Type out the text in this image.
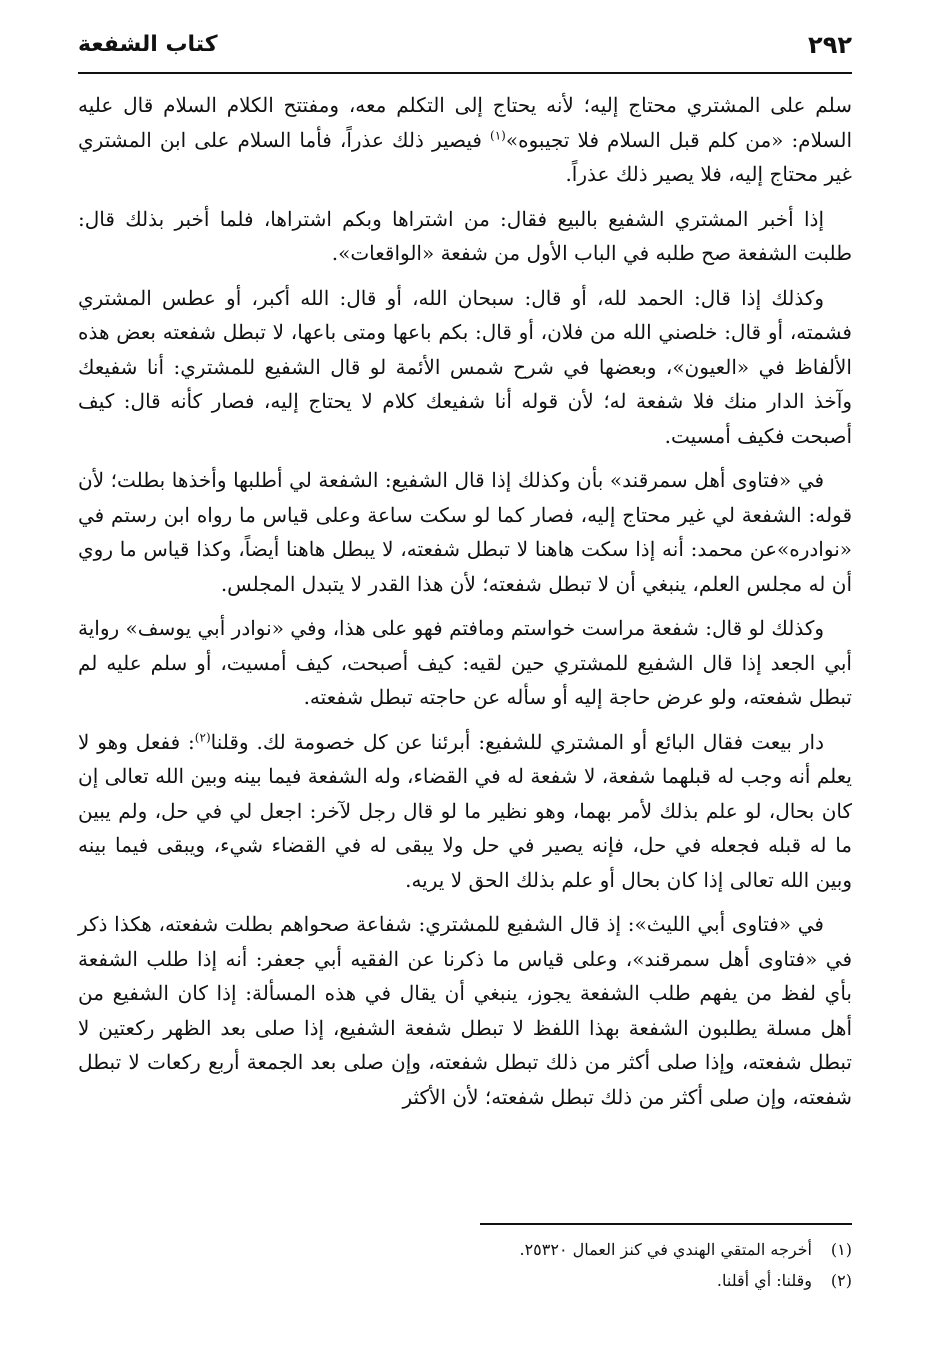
٢٩٢
كتاب الشفعة

سلم على المشتري محتاج إليه؛ لأنه يحتاج إلى التكلم معه، ومفتتح الكلام السلام قال عليه السلام: «من كلم قبل السلام فلا تجيبوه»$^{(١)}$ فيصير ذلك عذراً، فأما السلام على ابن المشتري غير محتاج إليه، فلا يصير ذلك عذراً.

إذا أخبر المشتري الشفيع بالبيع فقال: من اشتراها وبكم اشتراها، فلما أخبر بذلك قال: طلبت الشفعة صح طلبه في الباب الأول من شفعة «الواقعات».

وكذلك إذا قال: الحمد لله، أو قال: سبحان الله، أو قال: الله أكبر، أو عطس المشتري فشمته، أو قال: خلصني الله من فلان، أو قال: بكم باعها ومتى باعها، لا تبطل شفعته بعض هذه الألفاظ في «العيون»، وبعضها في شرح شمس الأئمة لو قال الشفيع للمشتري: أنا شفيعك وآخذ الدار منك فلا شفعة له؛ لأن قوله أنا شفيعك كلام لا يحتاج إليه، فصار كأنه قال: كيف أصبحت فكيف أمسيت.

في «فتاوى أهل سمرقند» بأن وكذلك إذا قال الشفيع: الشفعة لي أطلبها وأخذها بطلت؛ لأن قوله: الشفعة لي غير محتاج إليه، فصار كما لو سكت ساعة وعلى قياس ما رواه ابن رستم في «نوادره»عن محمد: أنه إذا سكت هاهنا لا تبطل شفعته، لا يبطل هاهنا أيضاً، وكذا قياس ما روي أن له مجلس العلم، ينبغي أن لا تبطل شفعته؛ لأن هذا القدر لا يتبدل المجلس.

وكذلك لو قال: شفعة مراست خواستم ومافتم فهو على هذا، وفي «نوادر أبي يوسف» رواية أبي الجعد إذا قال الشفيع للمشتري حين لقيه: كيف أصبحت، كيف أمسيت، أو سلم عليه لم تبطل شفعته، ولو عرض حاجة إليه أو سأله عن حاجته تبطل شفعته.

دار بيعت فقال البائع أو المشتري للشفيع: أبرئنا عن كل خصومة لك. وقلنا$^{(٢)}$: ففعل وهو لا يعلم أنه وجب له قبلهما شفعة، لا شفعة له في القضاء، وله الشفعة فيما بينه وبين الله تعالى إن كان بحال، لو علم بذلك لأمر بهما، وهو نظير ما لو قال رجل لآخر: اجعل لي في حل، ولم يبين ما له قبله فجعله في حل، فإنه يصير في حل ولا يبقى له في القضاء شيء، ويبقى فيما بينه وبين الله تعالى إذا كان بحال أو علم بذلك الحق لا يريه.

في «فتاوى أبي الليث»: إذ قال الشفيع للمشتري: شفاعة صحواهم بطلت شفعته، هكذا ذكر في «فتاوى أهل سمرقند»، وعلى قياس ما ذكرنا عن الفقيه أبي جعفر: أنه إذا طلب الشفعة بأي لفظ من يفهم طلب الشفعة يجوز، ينبغي أن يقال في هذه المسألة: إذا كان الشفيع من أهل مسلة يطلبون الشفعة بهذا اللفظ لا تبطل شفعة الشفيع، إذا صلى بعد الظهر ركعتين لا تبطل شفعته، وإذا صلى أكثر من ذلك تبطل شفعته، وإن صلى بعد الجمعة أربع ركعات لا تبطل شفعته، وإن صلى أكثر من ذلك تبطل شفعته؛ لأن الأكثر

(١)أخرجه المتقي الهندي في كنز العمال ٢٥٣٢٠.
(٢)وقلنا: أي أقلنا.
